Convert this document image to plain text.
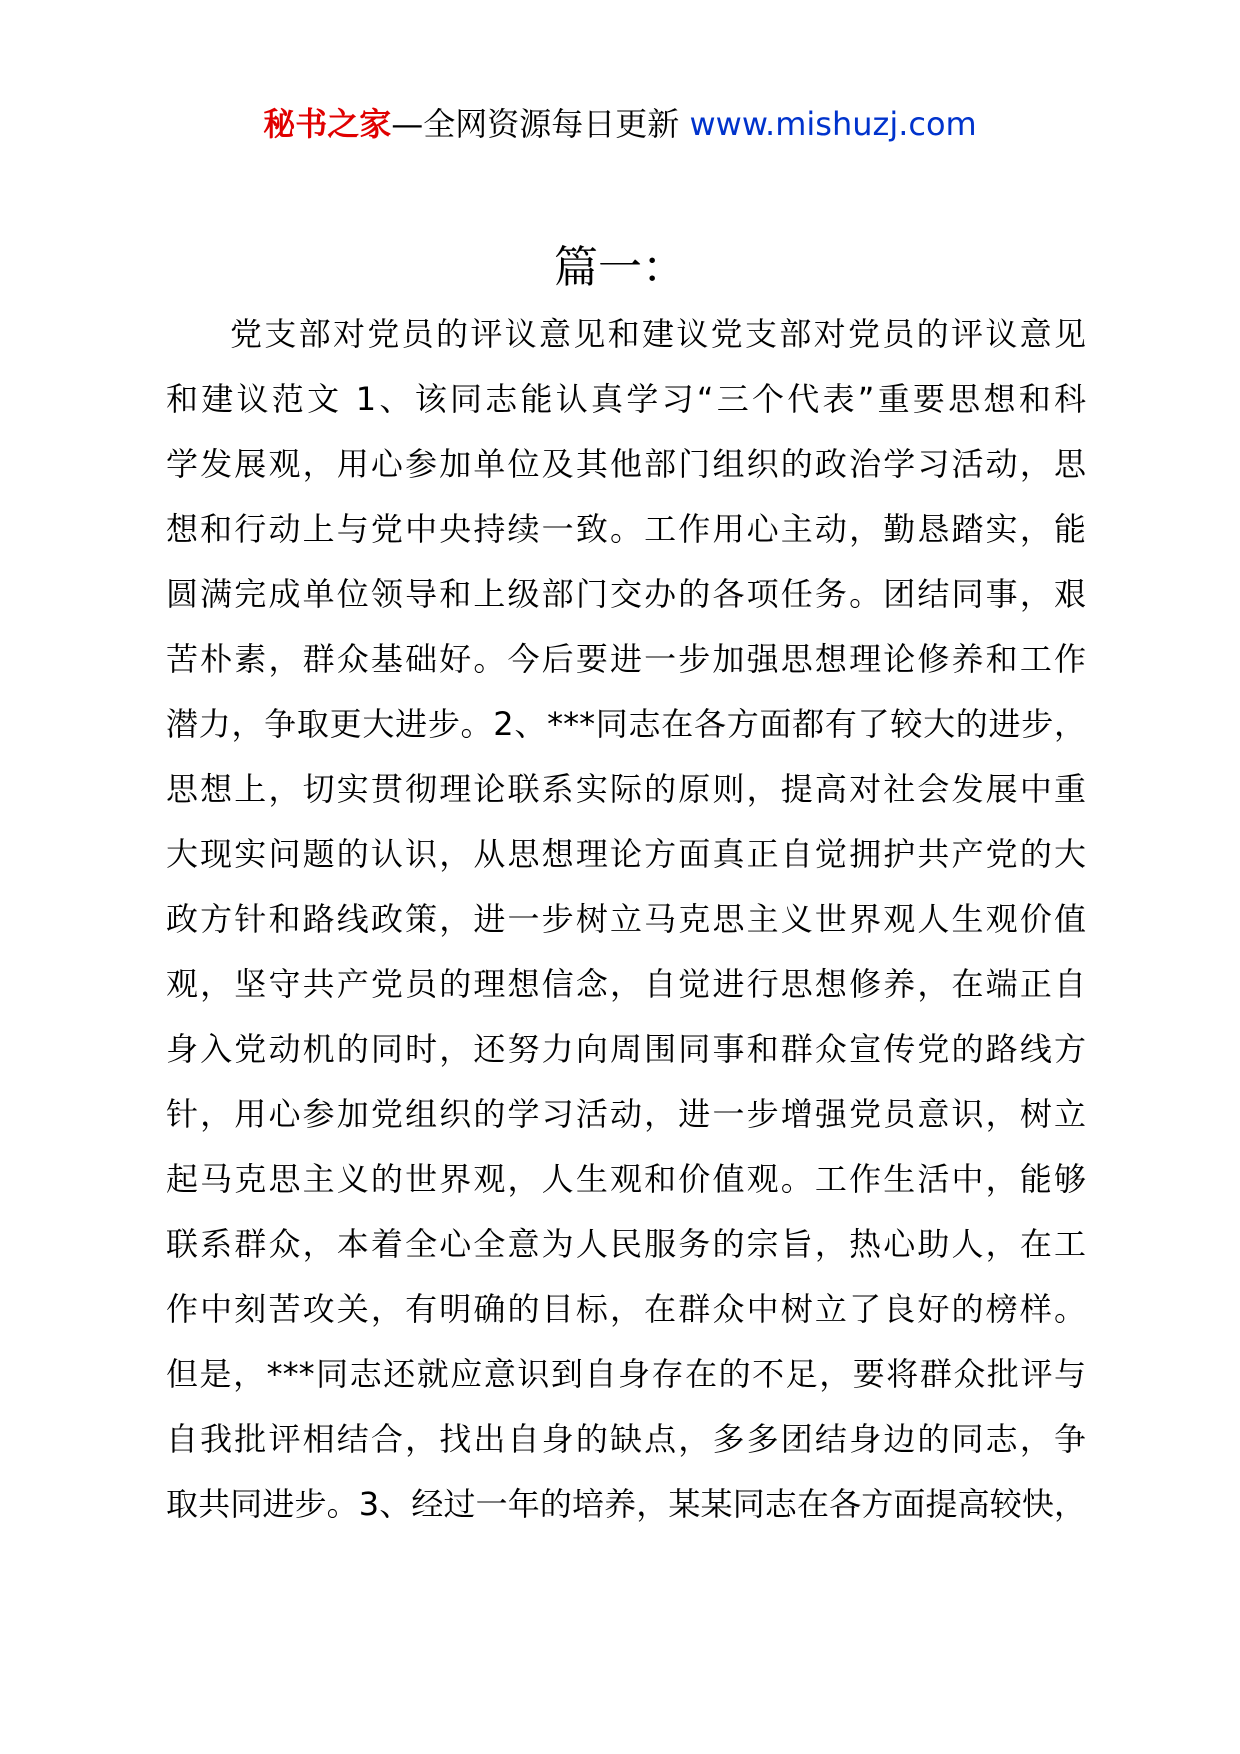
秘书之家—全网资源每日更新 www.mishuzj.com
篇一：
党支部对党员的评议意见和建议党支部对党员的评议意见
和建议范文 1、该同志能认真学习“三个代表”重要思想和科
学发展观，用心参加单位及其他部门组织的政治学习活动，思
想和行动上与党中央持续一致。工作用心主动，勤恳踏实，能
圆满完成单位领导和上级部门交办的各项任务。团结同事，艰
苦朴素，群众基础好。今后要进一步加强思想理论修养和工作
潜力，争取更大进步。2、***同志在各方面都有了较大的进步，
思想上，切实贯彻理论联系实际的原则，提高对社会发展中重
大现实问题的认识，从思想理论方面真正自觉拥护共产党的大
政方针和路线政策，进一步树立马克思主义世界观人生观价值
观，坚守共产党员的理想信念，自觉进行思想修养，在端正自
身入党动机的同时，还努力向周围同事和群众宣传党的路线方
针，用心参加党组织的学习活动，进一步增强党员意识，树立
起马克思主义的世界观，人生观和价值观。工作生活中，能够
联系群众，本着全心全意为人民服务的宗旨，热心助人，在工
作中刻苦攻关，有明确的目标，在群众中树立了良好的榜样。
但是，***同志还就应意识到自身存在的不足，要将群众批评与
自我批评相结合，找出自身的缺点，多多团结身边的同志，争
取共同进步。3、经过一年的培养，某某同志在各方面提高较快，
